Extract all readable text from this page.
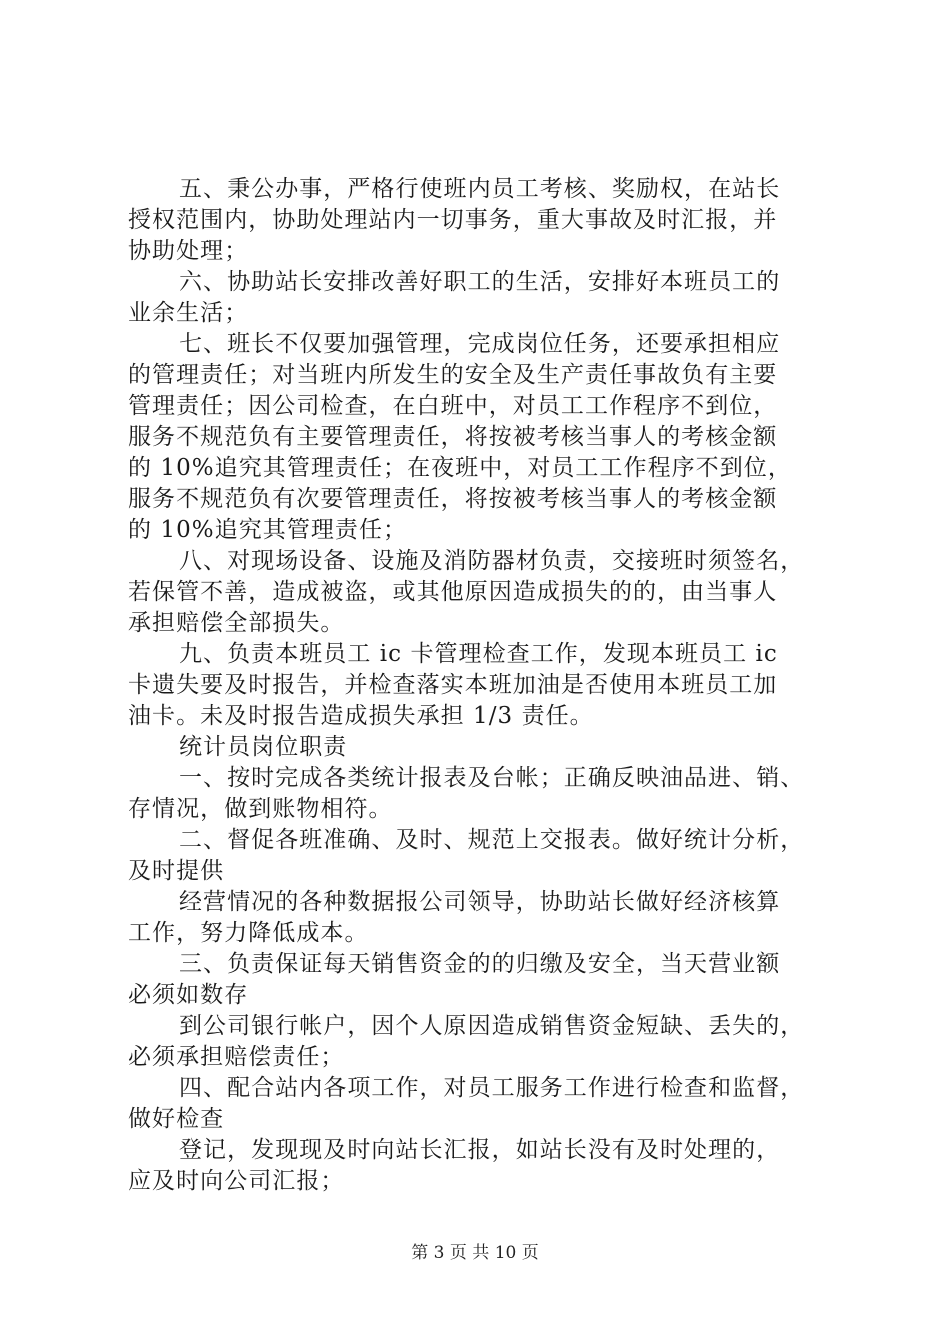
五、秉公办事，严格行使班内员工考核、奖励权，在站长
授权范围内，协助处理站内一切事务，重大事故及时汇报，并
协助处理；
六、协助站长安排改善好职工的生活，安排好本班员工的
业余生活；
七、班长不仅要加强管理，完成岗位任务，还要承担相应
的管理责任；对当班内所发生的安全及生产责任事故负有主要
管理责任；因公司检查，在白班中，对员工工作程序不到位，
服务不规范负有主要管理责任，将按被考核当事人的考核金额
的 10%追究其管理责任；在夜班中，对员工工作程序不到位，
服务不规范负有次要管理责任，将按被考核当事人的考核金额
的 10%追究其管理责任；
八、对现场设备、设施及消防器材负责，交接班时须签名，
若保管不善，造成被盗，或其他原因造成损失的的，由当事人
承担赔偿全部损失。
九、负责本班员工 ic 卡管理检查工作，发现本班员工 ic
卡遗失要及时报告，并检查落实本班加油是否使用本班员工加
油卡。未及时报告造成损失承担 1/3 责任。
统计员岗位职责
一、按时完成各类统计报表及台帐；正确反映油品进、销、
存情况，做到账物相符。
二、督促各班准确、及时、规范上交报表。做好统计分析，
及时提供
经营情况的各种数据报公司领导，协助站长做好经济核算
工作，努力降低成本。
三、负责保证每天销售资金的的归缴及安全，当天营业额
必须如数存
到公司银行帐户，因个人原因造成销售资金短缺、丢失的，
必须承担赔偿责任；
四、配合站内各项工作，对员工服务工作进行检查和监督，
做好检查
登记，发现现及时向站长汇报，如站长没有及时处理的，
应及时向公司汇报；
第 3 页 共 10 页
